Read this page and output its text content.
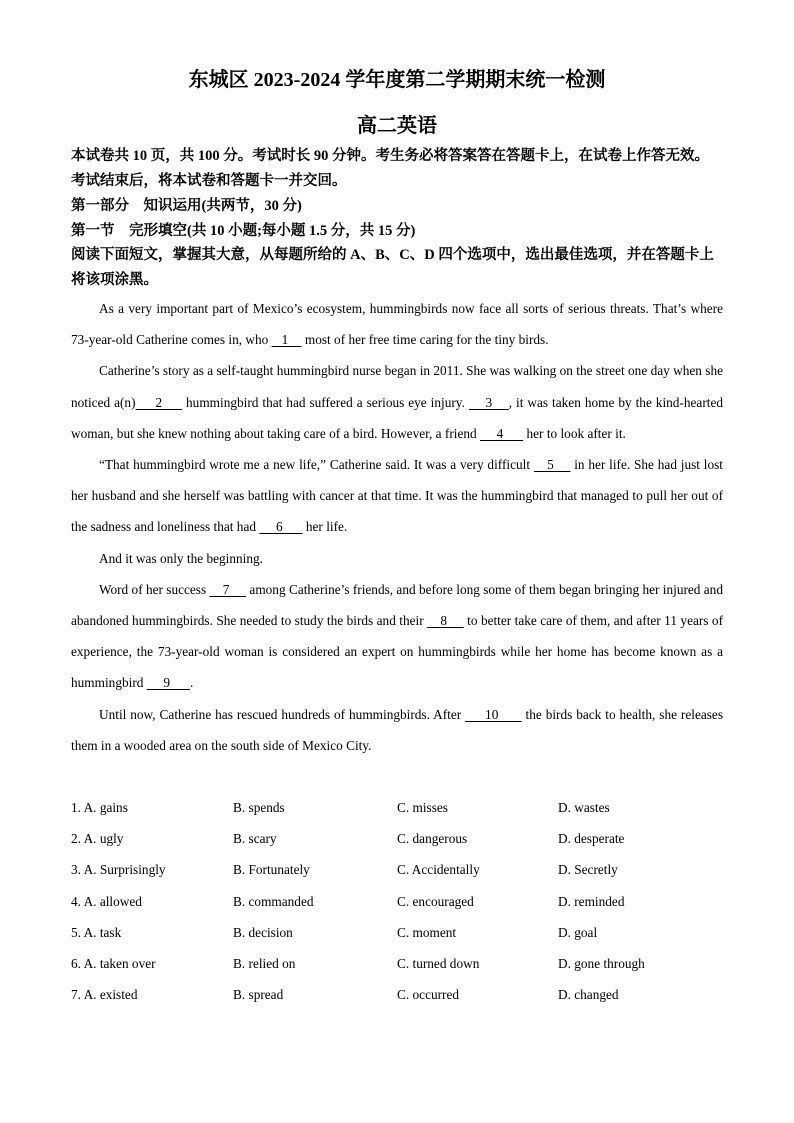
东城区 2023-2024 学年度第二学期期末统一检测
高二英语
本试卷共 10 页，共 100 分。考试时长 90 分钟。考生务必将答案答在答题卡上，在试卷上作答无效。考试结束后，将本试卷和答题卡一并交回。
第一部分　知识运用(共两节，30 分)
第一节　完形填空(共 10 小题;每小题 1.5 分，共 15 分)
阅读下面短文，掌握其大意，从每题所给的 A、B、C、D 四个选项中，选出最佳选项，并在答题卡上将该项涂黑。

As a very important part of Mexico’s ecosystem, hummingbirds now face all sorts of serious threats. That’s where 73-year-old Catherine comes in, who    1     most of her free time caring for the tiny birds.

Catherine’s story as a self-taught hummingbird nurse began in 2011. She was walking on the street one day when she noticed a(n)      2       hummingbird that had suffered a serious eye injury.      3     , it was taken home by the kind-hearted woman, but she knew nothing about taking care of a bird. However, a friend      4       her to look after it.

“That hummingbird wrote me a new life,” Catherine said. It was a very difficult     5      in her life. She had just lost her husband and she herself was battling with cancer at that time. It was the hummingbird that managed to pull her out of the sadness and loneliness that had      6       her life.

And it was only the beginning.

Word of her success     7      among Catherine’s friends, and before long some of them began bringing her injured and abandoned hummingbirds. She needed to study the birds and their     8      to better take care of them, and after 11 years of experience, the 73-year-old woman is considered an expert on hummingbirds while her home has become known as a hummingbird      9      .

Until now, Catherine has rescued hundreds of hummingbirds. After       10        the birds back to health, she releases them in a wooded area on the south side of Mexico City.

1. A. gains	B. spends	C. misses	D. wastes
2. A. ugly	B. scary	C. dangerous	D. desperate
3. A. Surprisingly	B. Fortunately	C. Accidentally	D. Secretly
4. A. allowed	B. commanded	C. encouraged	D. reminded
5. A. task	B. decision	C. moment	D. goal
6. A. taken over	B. relied on	C. turned down	D. gone through
7. A. existed	B. spread	C. occurred	D. changed
